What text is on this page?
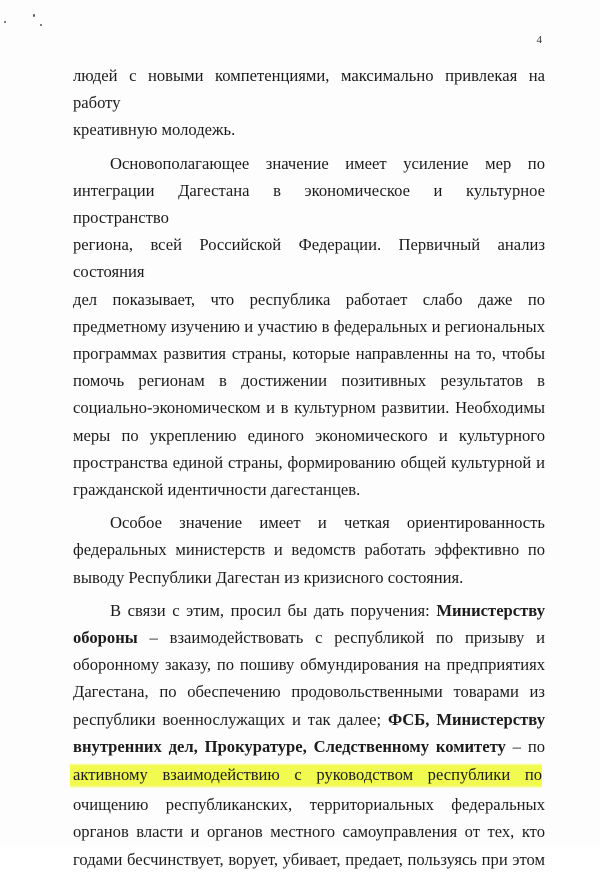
4

людей с новыми компетенциями, максимально привлекая на работу

креативную молодежь.

Основополагающее значение имеет усиление мер по

интеграции Дагестана в экономическое и культурное пространство

региона, всей Российской Федерации. Первичный анализ состояния

дел показывает, что республика работает слабо даже по

предметному изучению и участию в федеральных и региональных

программах развития страны, которые направленны на то, чтобы

помочь регионам в достижении позитивных результатов в

социально-экономическом и в культурном развитии. Необходимы

меры по укреплению единого экономического и культурного

пространства единой страны, формированию общей культурной и

гражданской идентичности дагестанцев.

Особое значение имеет и четкая ориентированность

федеральных министерств и ведомств работать эффективно по

выводу Республики Дагестан из кризисного состояния.

В связи с этим, просил бы дать поручения: Министерству

обороны – взаимодействовать с республикой по призыву и

оборонному заказу, по пошиву обмундирования на предприятиях

Дагестана, по обеспечению продовольственными товарами из

республики военнослужащих и так далее; ФСБ, Министерству

внутренних дел, Прокуратуре, Следственному комитету – по

активному взаимодействию с руководством республики по

очищению республиканских, территориальных федеральных

органов власти и органов местного самоуправления от тех, кто

годами бесчинствует, ворует, убивает, предает, пользуясь при этом
